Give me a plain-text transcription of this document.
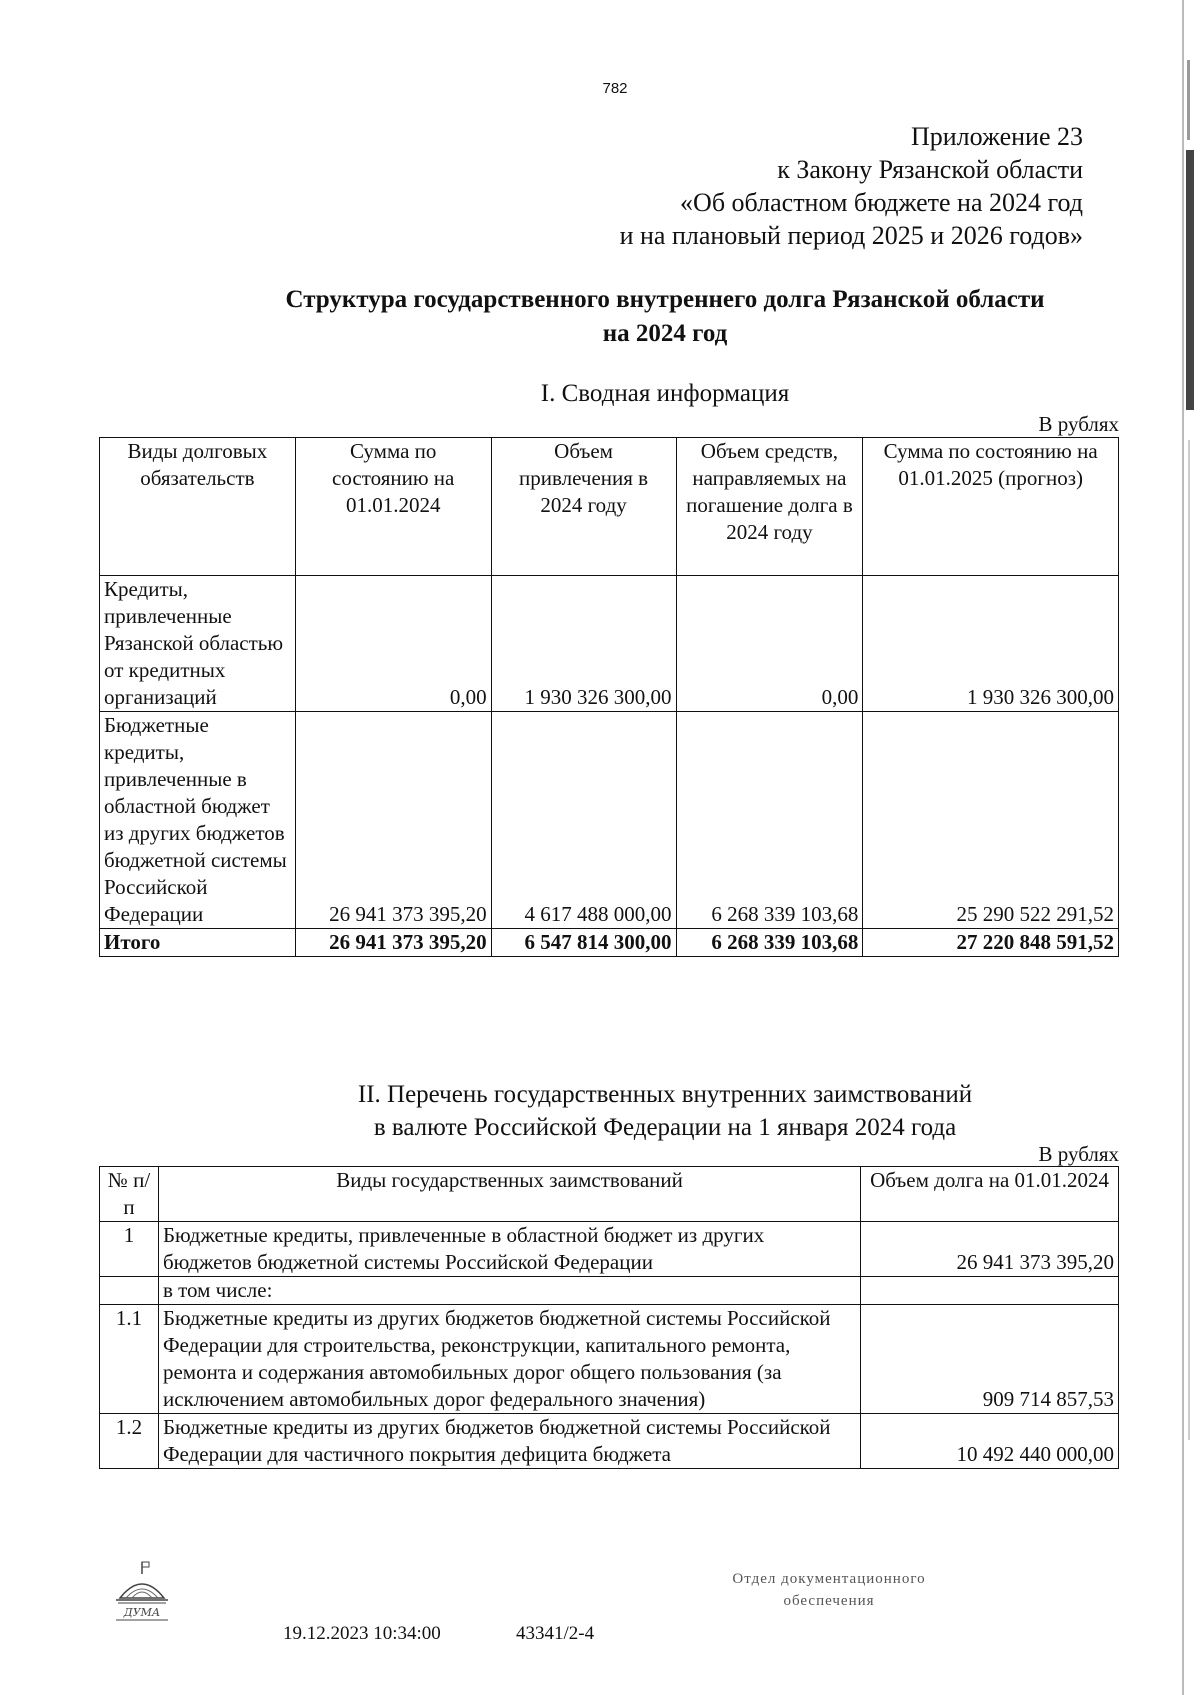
782
Приложение 23
к Закону Рязанской области
«Об областном бюджете на 2024 год
и на плановый период 2025 и 2026 годов»
Структура государственного внутреннего долга Рязанской области
на 2024 год
I. Сводная информация
В рублях
Виды долговых обязательств	Сумма по состоянию на 01.01.2024	Объем привлечения в 2024 году	Объем средств, направляемых на погашение долга в 2024 году	Сумма по состоянию на 01.01.2025 (прогноз)
Кредиты, привлеченные Рязанской областью от кредитных организаций	0,00	1 930 326 300,00	0,00	1 930 326 300,00
Бюджетные кредиты, привлеченные в областной бюджет из других бюджетов бюджетной системы Российской Федерации	26 941 373 395,20	4 617 488 000,00	6 268 339 103,68	25 290 522 291,52
Итого	26 941 373 395,20	6 547 814 300,00	6 268 339 103,68	27 220 848 591,52
II. Перечень государственных внутренних заимствований
в валюте Российской Федерации на 1 января 2024 года
В рублях
№ п/п	Виды государственных заимствований	Объем долга на 01.01.2024
1	Бюджетные кредиты, привлеченные в областной бюджет из других бюджетов бюджетной системы Российской Федерации	26 941 373 395,20
	в том числе:	
1.1	Бюджетные кредиты из других бюджетов бюджетной системы Российской Федерации для строительства, реконструкции, капитального ремонта, ремонта и содержания автомобильных дорог общего пользования (за исключением автомобильных дорог федерального значения)	909 714 857,53
1.2	Бюджетные кредиты из других бюджетов бюджетной системы Российской Федерации для частичного покрытия дефицита бюджета	10 492 440 000,00
ДУМА
19.12.2023 10:34:00	43341/2-4
Отдел документационного
обеспечения
